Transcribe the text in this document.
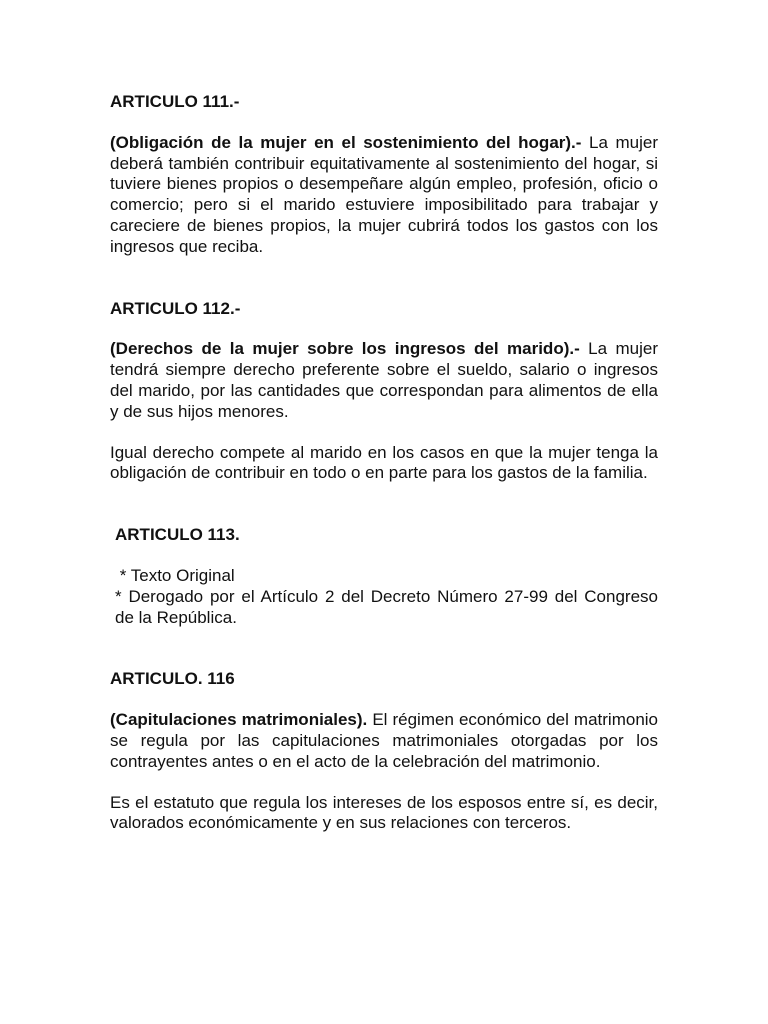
ARTICULO 111.-

(Obligación de la mujer en el sostenimiento del hogar).- La mujer deberá también contribuir equitativamente al sostenimiento del hogar, si tuviere bienes propios o desempeñare algún empleo, profesión, oficio o comercio; pero si el marido estuviere imposibilitado para trabajar y careciere de bienes propios, la mujer cubrirá todos los gastos con los ingresos que reciba.

ARTICULO 112.-

(Derechos de la mujer sobre los ingresos del marido).- La mujer tendrá siempre derecho preferente sobre el sueldo, salario o ingresos del marido, por las cantidades que correspondan para alimentos de ella y de sus hijos menores.

Igual derecho compete al marido en los casos en que la mujer tenga la obligación de contribuir en todo o en parte para los gastos de la familia.

ARTICULO 113.

* Texto Original

* Derogado por el Artículo 2 del Decreto Número 27-99 del Congreso de la República.

ARTICULO. 116

(Capitulaciones matrimoniales). El régimen económico del matrimonio se regula por las capitulaciones matrimoniales otorgadas por los contrayentes antes o en el acto de la celebración del matrimonio.

Es el estatuto que regula los intereses de los esposos entre sí, es decir, valorados económicamente y en sus relaciones con terceros.
